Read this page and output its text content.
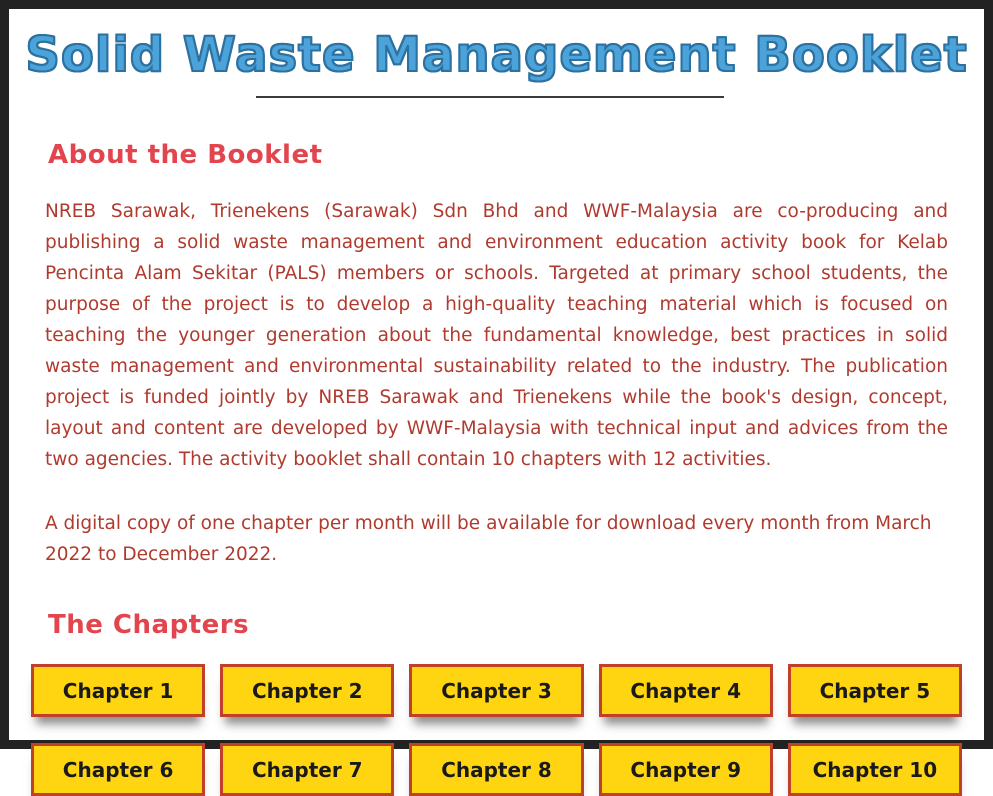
Solid Waste Management Booklet
About the Booklet

NREB Sarawak, Trienekens (Sarawak) Sdn Bhd and WWF-Malaysia are co-producing and publishing a solid waste management and environment education activity book for Kelab Pencinta Alam Sekitar (PALS) members or schools. Targeted at primary school students, the purpose of the project is to develop a high-quality teaching material which is focused on teaching the younger generation about the fundamental knowledge, best practices in solid waste management and environmental sustainability related to the industry. The publication project is funded jointly by NREB Sarawak and Trienekens while the book's design, concept, layout and content are developed by WWF-Malaysia with technical input and advices from the two agencies. The activity booklet shall contain 10 chapters with 12 activities.

A digital copy of one chapter per month will be available for download every month from March 2022 to December 2022.

The Chapters
Chapter 1	Chapter 2	Chapter 3	Chapter 4	Chapter 5
Chapter 6	Chapter 7	Chapter 8	Chapter 9	Chapter 10
